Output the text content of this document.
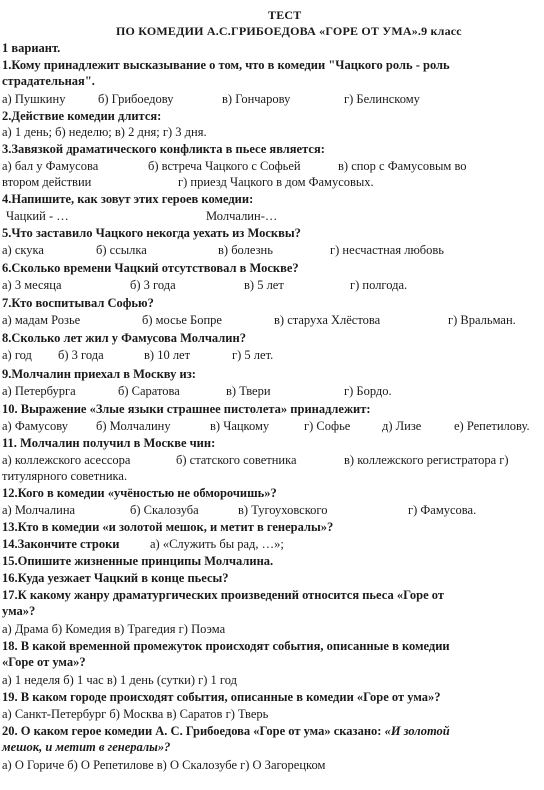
ТЕСТ
ПО КОМЕДИИ А.С.ГРИБОЕДОВА «ГОРЕ ОТ УМА».9 класс
1 вариант.
1.Кому принадлежит высказывание о том, что в комедии "Чацкого роль - роль
страдательная".
а) Пушкину	б) Грибоедову	в) Гончарову	г) Белинскому
2.Действие комедии длится:
а) 1 день; б) неделю; в) 2 дня; г) 3 дня.
3.Завязкой драматического конфликта в пьесе является:
а) бал у Фамусова	б) встреча Чацкого с Софьей	в) спор с Фамусовым во
втором действии	г) приезд Чацкого в дом Фамусовых.
4.Напишите, как зовут этих героев комедии:
Чацкий - …	Молчалин-…
5.Что заставило Чацкого некогда уехать из Москвы?
а) скука	б) ссылка	в) болезнь	г) несчастная любовь
6.Сколько времени Чацкий отсутствовал в Москве?
а) 3 месяца	б) 3 года	в) 5 лет	г) полгода.
7.Кто воспитывал Софью?
а) мадам Розье	б) мосье Бопре	в) старуха Хлёстова	г) Вральман.
8.Сколько лет жил у Фамусова Молчалин?
а) год б) 3 года	в) 10 лет	г) 5 лет.
9.Молчалин приехал в Москву из:
а) Петербурга	б) Саратова	в) Твери	г) Бордо.
10. Выражение «Злые языки страшнее пистолета» принадлежит:
а) Фамусову б) Молчалину	в) Чацкому	г) Софье	д) Лизе	е) Репетилову.
11. Молчалин получил в Москве чин:
а) коллежского асессора	б) статского советника	в) коллежского регистратора г)
титулярного советника.
12.Кого в комедии «учёностью не обморочишь»?
а) Молчалина	б) Скалозуба	в) Тугоуховского	г) Фамусова.
13.Кто в комедии «и золотой мешок, и метит в генералы»?
14.Закончите строки а) «Служить бы рад, …»;
15.Опишите жизненные принципы Молчалина.
16.Куда уезжает Чацкий в конце пьесы?
17.К какому жанру драматургических произведений относится пьеса «Горе от
ума»?
а) Драма б) Комедия в) Трагедия г) Поэма
18. В какой временной промежуток происходят события, описанные в комедии
«Горе от ума»?
а) 1 неделя б) 1 час в) 1 день (сутки) г) 1 год
19. В каком городе происходят события, описанные в комедии «Горе от ума»?
а) Санкт-Петербург б) Москва в) Саратов г) Тверь
20. О каком герое комедии А. С. Грибоедова «Горе от ума» сказано: «И золотой
мешок, и метит в генералы»?
а) О Гориче б) О Репетилове в) О Скалозубе г) О Загорецком
